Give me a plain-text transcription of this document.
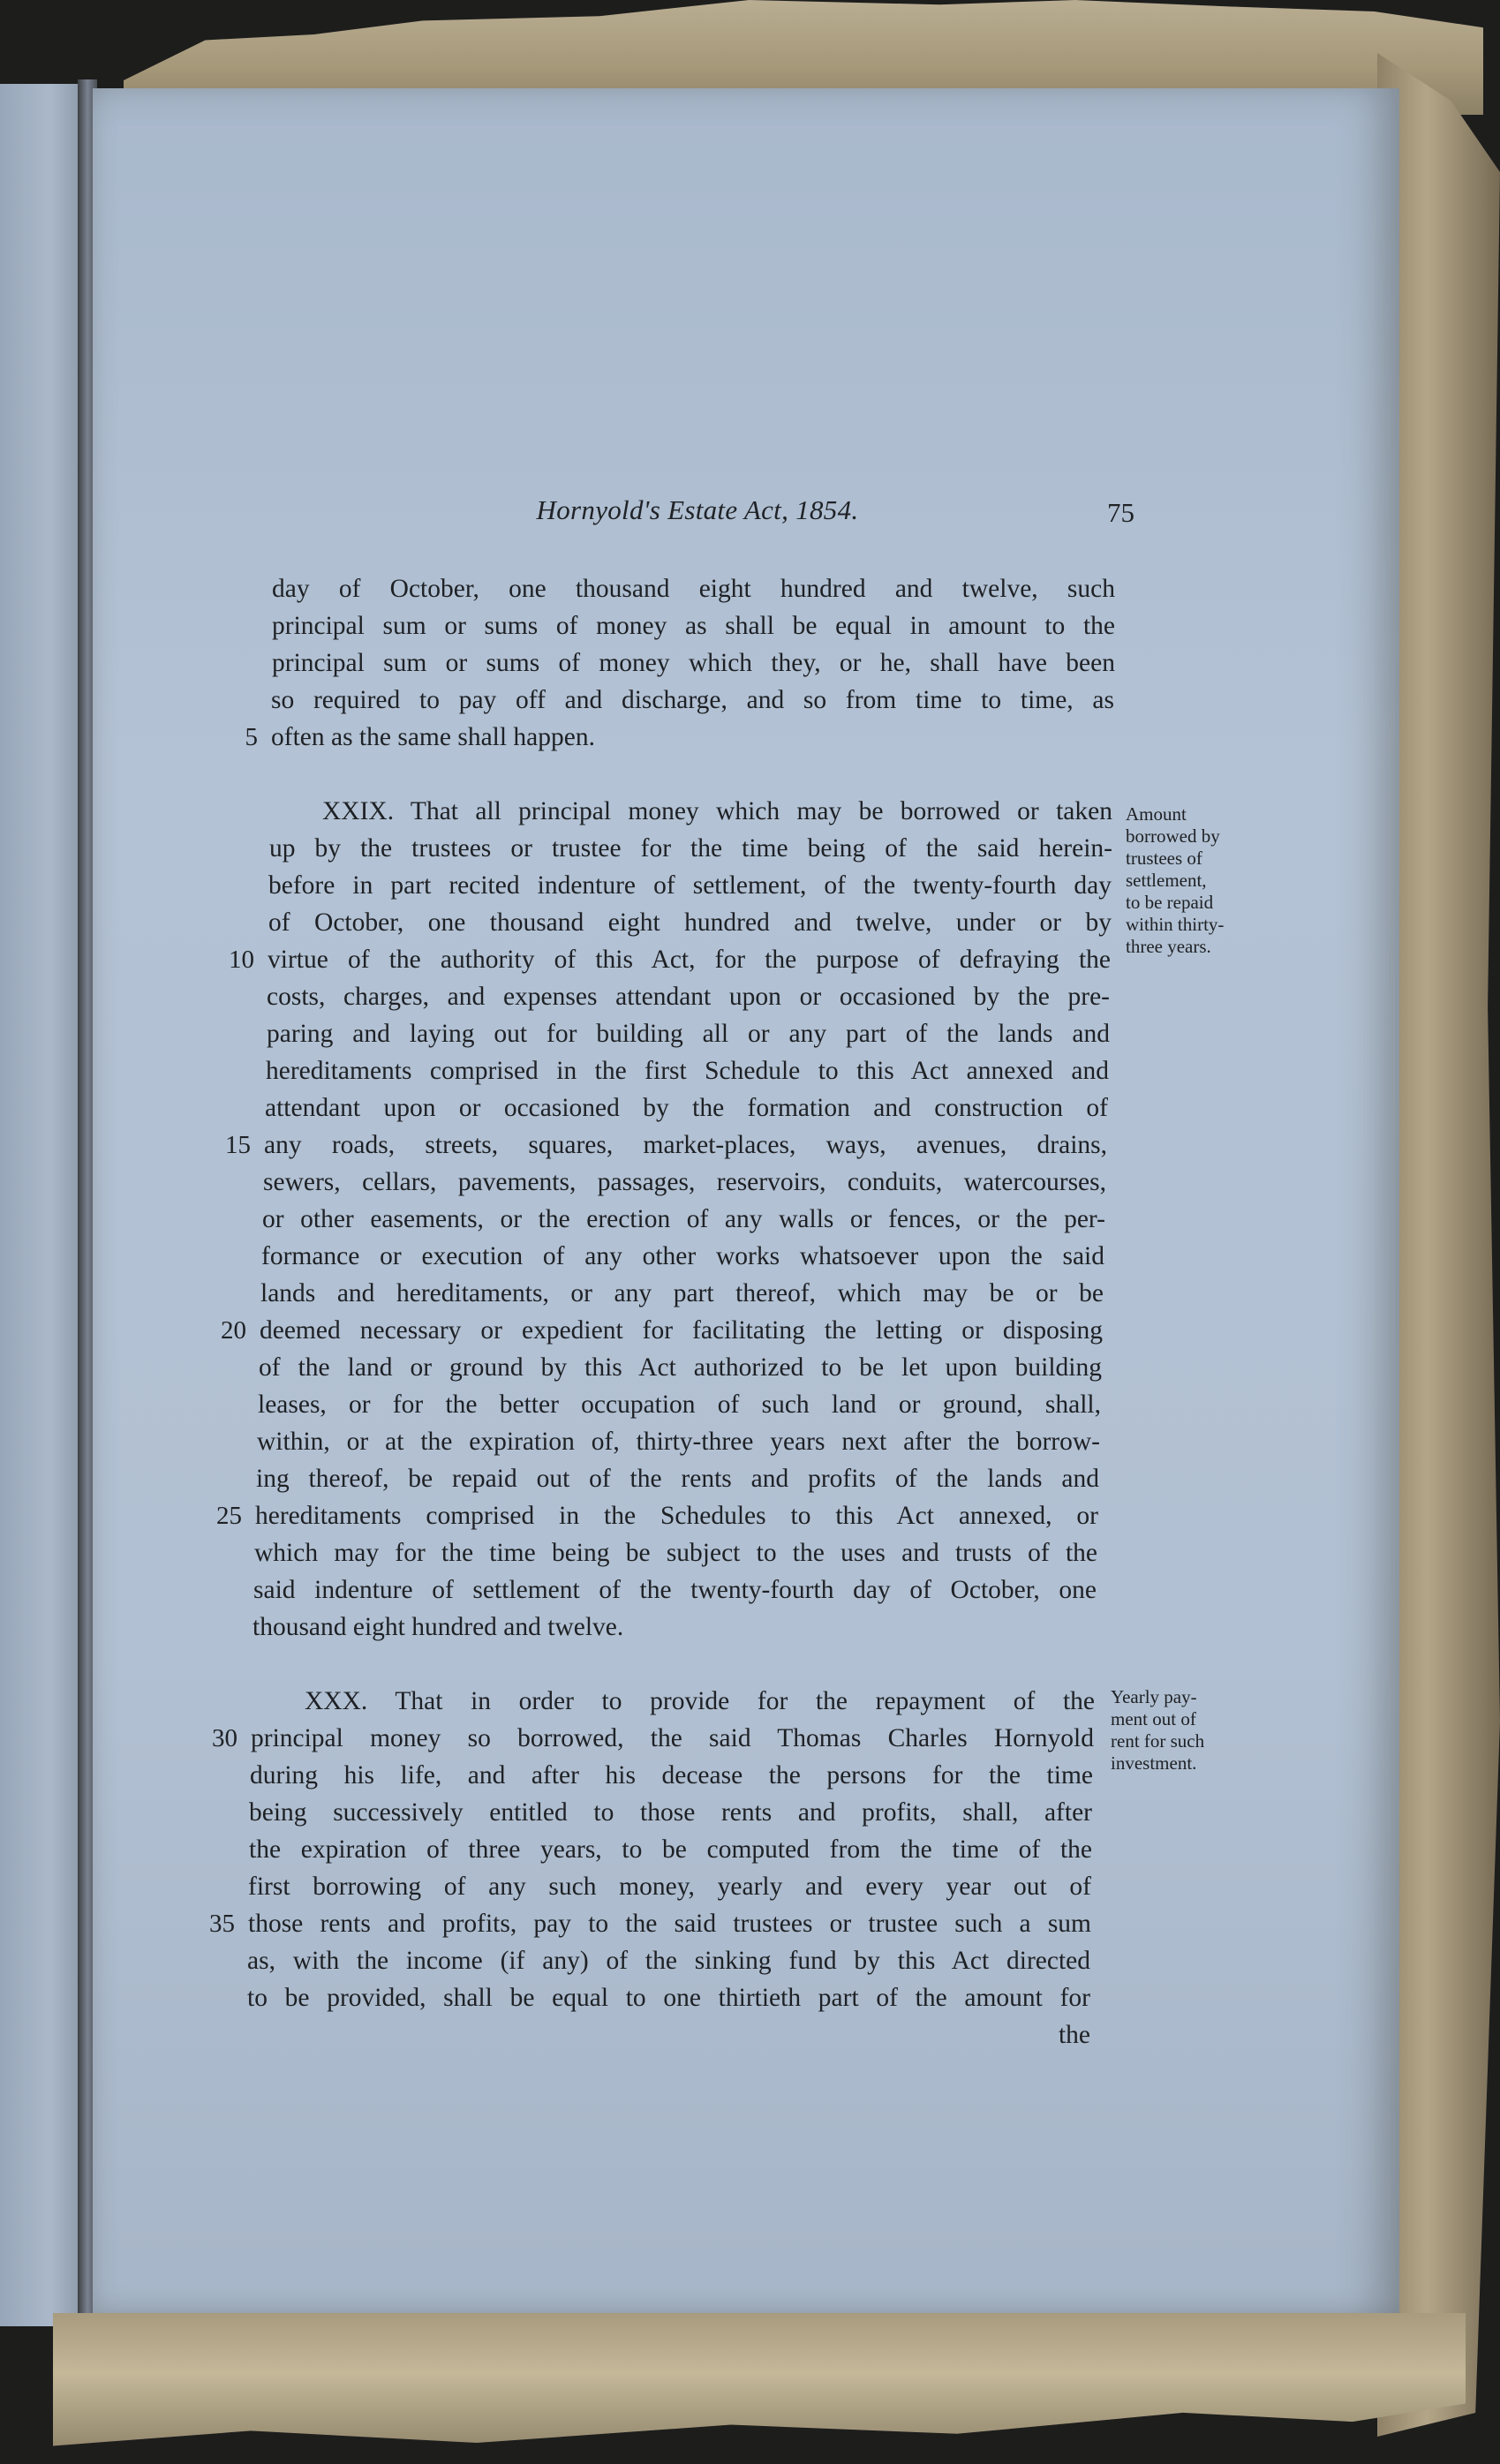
Hornyold's Estate Act, 1854.	75
day of October, one thousand eight hundred and twelve, such
principal sum or sums of money as shall be equal in amount to the
principal sum or sums of money which they, or he, shall have been
so required to pay off and discharge, and so from time to time, as
often as the same shall happen.
5
XXIX. That all principal money which may be borrowed or taken
up by the trustees or trustee for the time being of the said herein-
before in part recited indenture of settlement, of the twenty-fourth day
of October, one thousand eight hundred and twelve, under or by
virtue of the authority of this Act, for the purpose of defraying the
10
costs, charges, and expenses attendant upon or occasioned by the pre-
paring and laying out for building all or any part of the lands and
hereditaments comprised in the first Schedule to this Act annexed and
attendant upon or occasioned by the formation and construction of
any roads, streets, squares, market-places, ways, avenues, drains,
15
sewers, cellars, pavements, passages, reservoirs, conduits, watercourses,
or other easements, or the erection of any walls or fences, or the per-
formance or execution of any other works whatsoever upon the said
lands and hereditaments, or any part thereof, which may be or be
deemed necessary or expedient for facilitating the letting or disposing
20
of the land or ground by this Act authorized to be let upon building
leases, or for the better occupation of such land or ground, shall,
within, or at the expiration of, thirty-three years next after the borrow-
ing thereof, be repaid out of the rents and profits of the lands and
hereditaments comprised in the Schedules to this Act annexed, or
25
which may for the time being be subject to the uses and trusts of the
said indenture of settlement of the twenty-fourth day of October, one
thousand eight hundred and twelve.
XXX. That in order to provide for the repayment of the
principal money so borrowed, the said Thomas Charles Hornyold
30
during his life, and after his decease the persons for the time
being successively entitled to those rents and profits, shall, after
the expiration of three years, to be computed from the time of the
first borrowing of any such money, yearly and every year out of
those rents and profits, pay to the said trustees or trustee such a sum
35
as, with the income (if any) of the sinking fund by this Act directed
to be provided, shall be equal to one thirtieth part of the amount for
the
Amount
borrowed by
trustees of
settlement,
to be repaid
within thirty-
three years.
Yearly pay-
ment out of
rent for such
investment.
